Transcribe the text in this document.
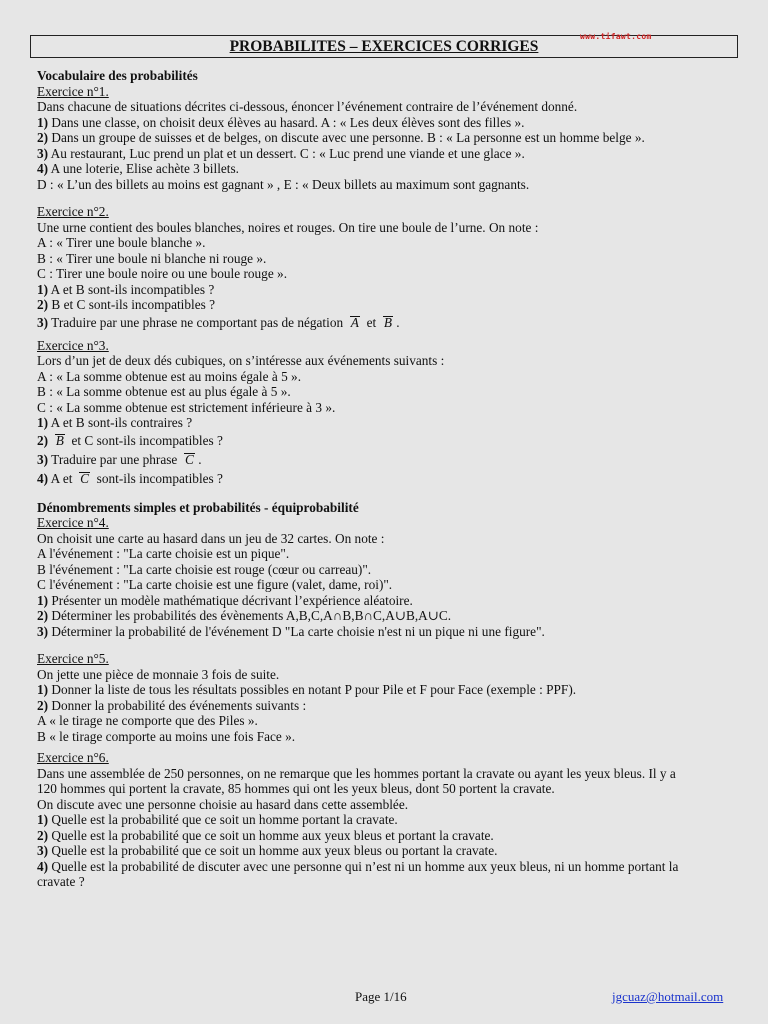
PROBABILITES – EXERCICES CORRIGES
www.tifawt.com
Vocabulaire des probabilités
Exercice n°1.
Dans chacune de situations décrites ci-dessous, énoncer l’événement contraire de l’événement donné.
1) Dans une classe, on choisit deux élèves au hasard. A : « Les deux élèves sont des filles ».
2) Dans un groupe de suisses et de belges, on discute avec une personne. B : « La personne est un homme belge ».
3) Au restaurant, Luc prend un plat et un dessert. C : « Luc prend une viande et une glace ».
4) A une loterie, Elise achète 3 billets.
D : « L’un des billets au moins est gagnant » , E : « Deux billets au maximum sont gagnants.
Exercice n°2.
Une urne contient des boules blanches, noires et rouges. On tire une boule de l’urne. On note :
A : « Tirer une boule blanche ».
B : « Tirer une boule ni blanche ni rouge ».
C : Tirer une boule noire ou une boule rouge ».
1) A et B sont-ils incompatibles ?
2) B et C sont-ils incompatibles ?
3) Traduire par une phrase ne comportant pas de négation A et B .
Exercice n°3.
Lors d’un jet de deux dés cubiques, on s’intéresse aux événements suivants :
A : « La somme obtenue est au moins égale à 5 ».
B : « La somme obtenue est au plus égale à 5 ».
C : « La somme obtenue est strictement inférieure à 3 ».
1) A et B sont-ils contraires ?
2) B et C sont-ils incompatibles ?
3) Traduire par une phrase C .
4) A et C sont-ils incompatibles ?
Dénombrements simples et probabilités - équiprobabilité
Exercice n°4.
On choisit une carte au hasard dans un jeu de 32 cartes. On note :
A l'événement : "La carte choisie est un pique".
B l'événement : "La carte choisie est rouge (cœur ou carreau)".
C l'événement : "La carte choisie est une figure (valet, dame, roi)".
1) Présenter un modèle mathématique décrivant l’expérience aléatoire.
2) Déterminer les probabilités des évènements A,B,C,A∩B,B∩C,A∪B,A∪C.
3) Déterminer la probabilité de l'événement D "La carte choisie n'est ni un pique ni une figure".
Exercice n°5.
On jette une pièce de monnaie 3 fois de suite.
1) Donner la liste de tous les résultats possibles en notant P pour Pile et F pour Face (exemple : PPF).
2) Donner la probabilité des événements suivants :
A « le tirage ne comporte que des Piles ».
B « le tirage comporte au moins une fois Face ».
Exercice n°6.
Dans une assemblée de 250 personnes, on ne remarque que les hommes portant la cravate ou ayant les yeux bleus. Il y a
120 hommes qui portent la cravate, 85 hommes qui ont les yeux bleus, dont 50 portent la cravate.
On discute avec une personne choisie au hasard dans cette assemblée.
1) Quelle est la probabilité que ce soit un homme portant la cravate.
2) Quelle est la probabilité que ce soit un homme aux yeux bleus et portant la cravate.
3) Quelle est la probabilité que ce soit un homme aux yeux bleus ou portant la cravate.
4) Quelle est la probabilité de discuter avec une personne qui n’est ni un homme aux yeux bleus, ni un homme portant la
cravate ?
Page 1/16	jgcuaz@hotmail.com
